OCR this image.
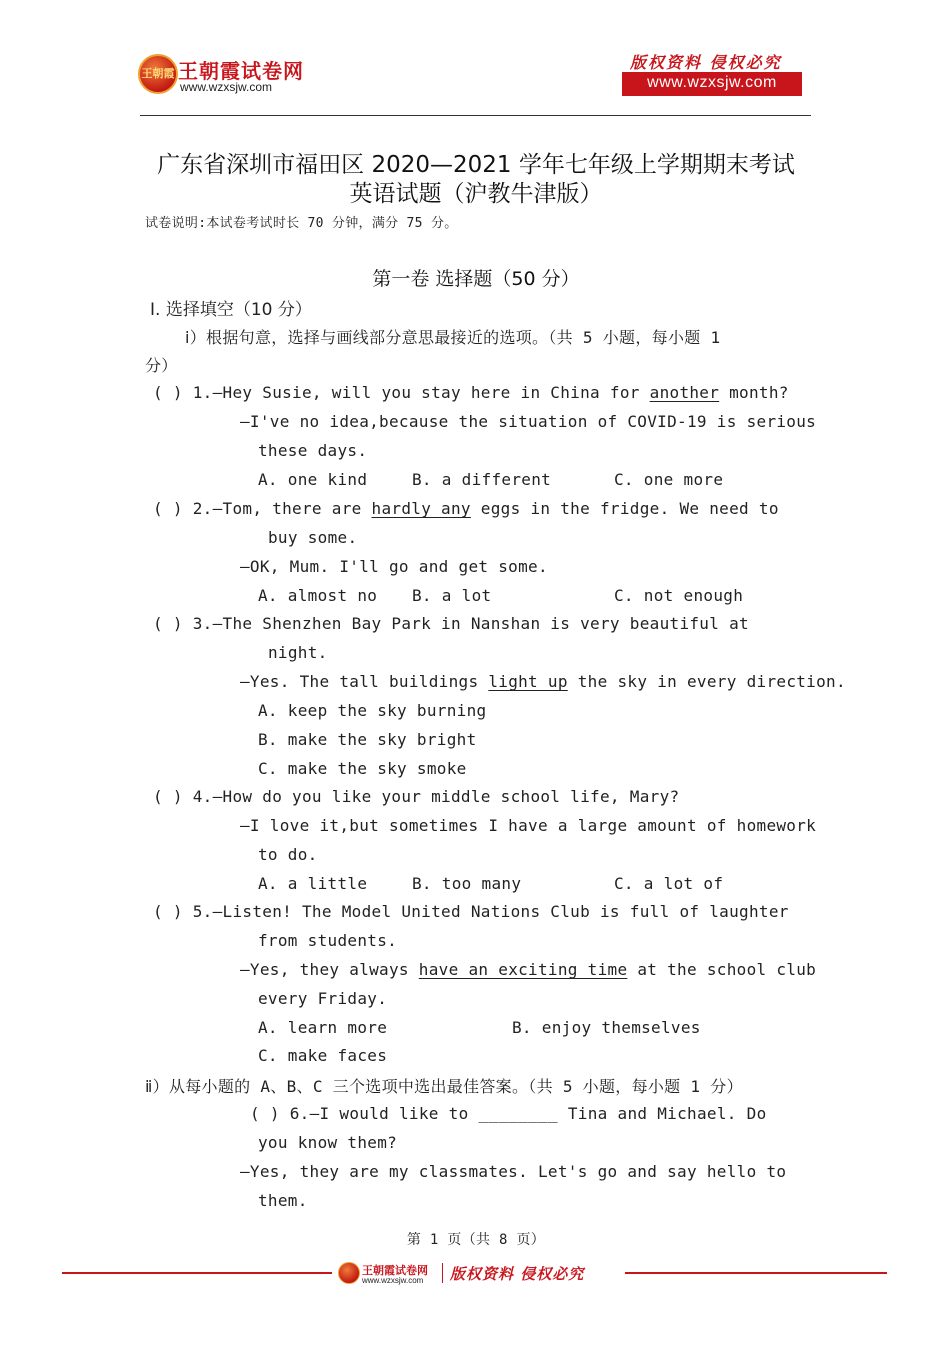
王朝霞 王朝霞试卷网
www.wzxsjw.com
版权资料 侵权必究
www.wzxsjw.com
广东省深圳市福田区 2020—2021 学年七年级上学期期末考试
英语试题（沪教牛津版）
试卷说明:本试卷考试时长 70 分钟，满分 75 分。
第一卷 选择题（50 分）
Ⅰ. 选择填空（10 分）
ⅰ）根据句意，选择与画线部分意思最接近的选项。（共 5 小题，每小题 1
分）
( ) 1.—Hey Susie, will you stay here in China for another month?
—I've no idea,because the situation of COVID-19 is serious
these days.
A. one kind	B. a different	C. one more
( ) 2.—Tom, there are hardly any eggs in the fridge. We need to
buy some.
—OK, Mum. I'll go and get some.
A. almost no B. a lot	C. not enough
( ) 3.—The Shenzhen Bay Park in Nanshan is very beautiful at
night.
—Yes. The tall buildings light up the sky in every direction.
A. keep the sky burning
B. make the sky bright
C. make the sky smoke
( ) 4.—How do you like your middle school life, Mary?
—I love it,but sometimes I have a large amount of homework
to do.
A. a little	B. too many	C. a lot of
( ) 5.—Listen! The Model United Nations Club is full of laughter
from students.
—Yes, they always have an exciting time at the school club
every Friday.
A. learn more	B. enjoy themselves
C. make faces
ⅱ）从每小题的 A、B、C 三个选项中选出最佳答案。（共 5 小题，每小题 1 分）
( ) 6.—I would like to ________ Tina and Michael. Do
you know them?
—Yes, they are my classmates. Let's go and say hello to
them.
第 1 页（共 8 页）
王朝霞试卷网
www.wzxsjw.com 版权资料 侵权必究
